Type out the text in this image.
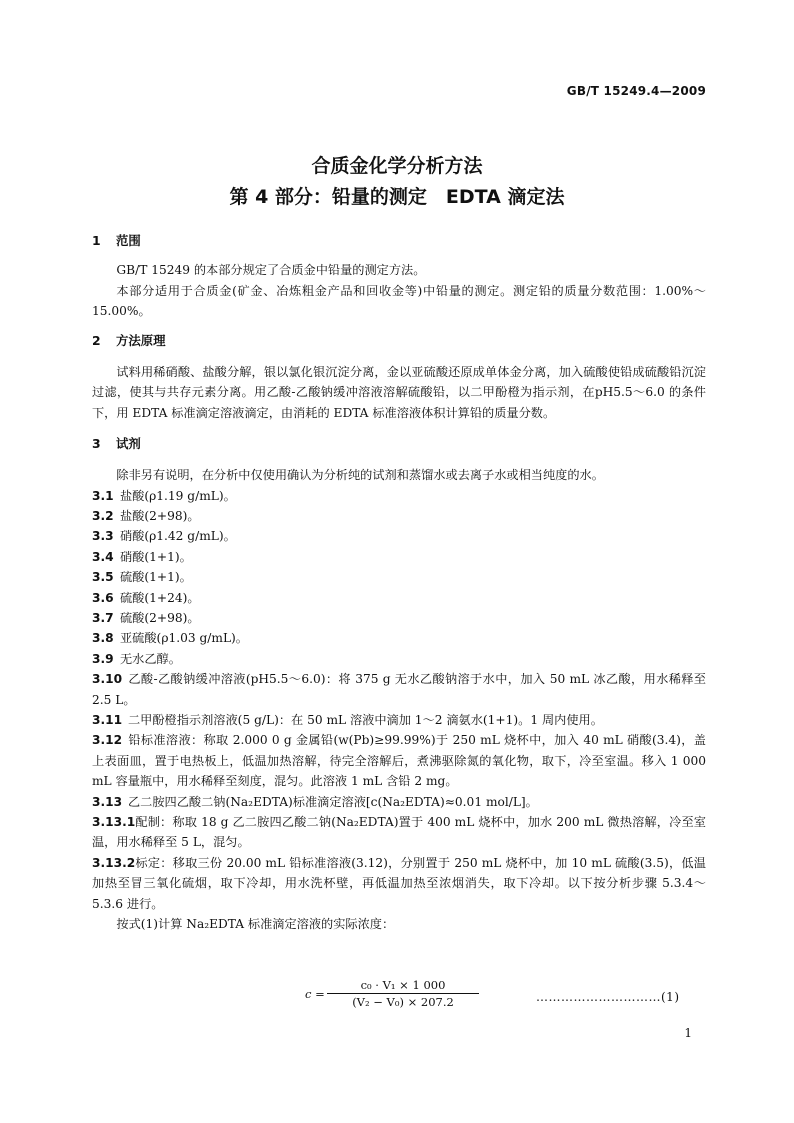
GB/T 15249.4—2009
合质金化学分析方法
第 4 部分：铅量的测定　EDTA 滴定法

1 范围

GB/T 15249 的本部分规定了合质金中铅量的测定方法。

本部分适用于合质金(矿金、冶炼粗金产品和回收金等)中铅量的测定。测定铅的质量分数范围：1.00%～15.00%。

2 方法原理

试料用稀硝酸、盐酸分解，银以氯化银沉淀分离，金以亚硫酸还原成单体金分离，加入硫酸使铅成硫酸铅沉淀过滤，使其与共存元素分离。用乙酸-乙酸钠缓冲溶液溶解硫酸铅，以二甲酚橙为指示剂，在pH5.5～6.0 的条件下，用 EDTA 标准滴定溶液滴定，由消耗的 EDTA 标准溶液体积计算铅的质量分数。

3 试剂

除非另有说明，在分析中仅使用确认为分析纯的试剂和蒸馏水或去离子水或相当纯度的水。

3.1 盐酸(ρ1.19 g/mL)。

3.2 盐酸(2+98)。

3.3 硝酸(ρ1.42 g/mL)。

3.4 硝酸(1+1)。

3.5 硫酸(1+1)。

3.6 硫酸(1+24)。

3.7 硫酸(2+98)。

3.8 亚硫酸(ρ1.03 g/mL)。

3.9 无水乙醇。

3.10 乙酸-乙酸钠缓冲溶液(pH5.5～6.0)：将 375 g 无水乙酸钠溶于水中，加入 50 mL 冰乙酸，用水稀释至 2.5 L。

3.11 二甲酚橙指示剂溶液(5 g/L)：在 50 mL 溶液中滴加 1～2 滴氨水(1+1)。1 周内使用。

3.12 铅标准溶液：称取 2.000 0 g 金属铅(w(Pb)≥99.99%)于 250 mL 烧杯中，加入 40 mL 硝酸(3.4)，盖上表面皿，置于电热板上，低温加热溶解，待完全溶解后，煮沸驱除氮的氧化物，取下，冷至室温。移入 1 000 mL 容量瓶中，用水稀释至刻度，混匀。此溶液 1 mL 含铅 2 mg。

3.13 乙二胺四乙酸二钠(Na₂EDTA)标准滴定溶液[c(Na₂EDTA)≈0.01 mol/L]。

3.13.1配制：称取 18 g 乙二胺四乙酸二钠(Na₂EDTA)置于 400 mL 烧杯中，加水 200 mL 微热溶解，冷至室温，用水稀释至 5 L，混匀。

3.13.2标定：移取三份 20.00 mL 铅标准溶液(3.12)，分别置于 250 mL 烧杯中，加 10 mL 硫酸(3.5)，低温加热至冒三氧化硫烟，取下冷却，用水洗杯壁，再低温加热至浓烟消失，取下冷却。以下按分析步骤 5.3.4～5.3.6 进行。

按式(1)计算 Na₂EDTA 标准滴定溶液的实际浓度：

c =
c₀ · V₁ × 1 000
(V₂ − V₀) × 207.2	…………………………(1)
1
